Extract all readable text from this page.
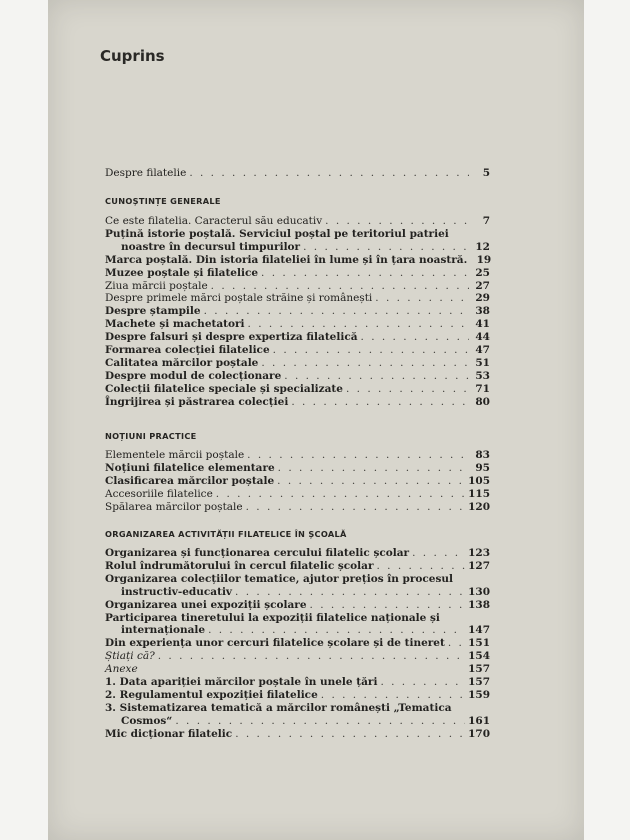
Cuprins
Despre filatelie . . .	5
CUNOȘTINȚE GENERALE
Ce este filatelia. Caracterul său educativ . . .	7
Puțină istorie poștală. Serviciul poștal pe teritoriul patriei
noastre în decursul timpurilor . . .	12
Marca poștală. Din istoria filateliei în lume și în țara noastră. 19
Muzee poștale și filatelice . . .	25
Ziua mărcii poștale . . .	27
Despre primele mărci poștale străine și românești . . .	29
Despre ștampile . . .	38
Machete și machetatori . . .	41
Despre falsuri și despre expertiza filatelică . . .	44
Formarea colecției filatelice . . .	47
Calitatea mărcilor poștale . . .	51
Despre modul de colecționare . . .	53
Colecții filatelice speciale și specializate . . .	71
Îngrijirea și păstrarea colecției . . .	80
NOȚIUNI PRACTICE
Elementele mărcii poștale . . .	83
Noțiuni filatelice elementare . . .	95
Clasificarea mărcilor poștale . . .	105
Accesoriile filatelice . . .	115
Spălarea mărcilor poștale . . .	120
ORGANIZAREA ACTIVITĂȚII FILATELICE ÎN ȘCOALĂ
Organizarea și funcționarea cercului filatelic școlar . . .	123
Rolul îndrumătorului în cercul filatelic școlar . . .	127
Organizarea colecțiilor tematice, ajutor prețios în procesul
instructiv-educativ . . .	130
Organizarea unei expoziții școlare . . .	138
Participarea tineretului la expoziții filatelice naționale și
internaționale . . .	147
Din experiența unor cercuri filatelice școlare și de tineret . . . 151
Știați că? . . .	154
Anexe	157
1. Data apariției mărcilor poștale în unele țări . . .	157
2. Regulamentul expoziției filatelice . . .	159
3. Sistematizarea tematică a mărcilor românești „Tematica
Cosmos“ . . .	161
Mic dicționar filatelic . . .	170
